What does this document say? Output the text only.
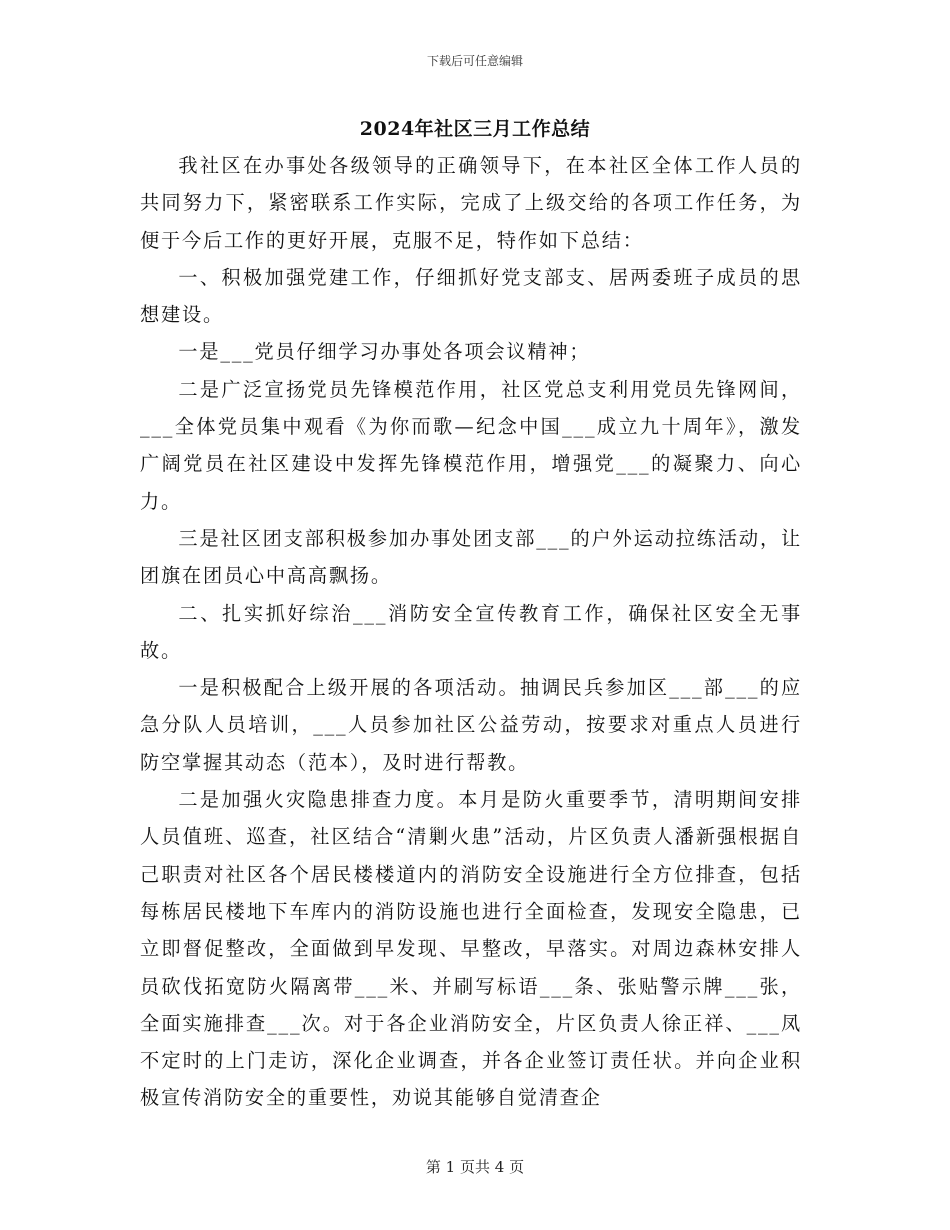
下载后可任意编辑
2024年社区三月工作总结

我社区在办事处各级领导的正确领导下，在本社区全体工作人员的共同努力下，紧密联系工作实际，完成了上级交给的各项工作任务，为便于今后工作的更好开展，克服不足，特作如下总结：

一、积极加强党建工作，仔细抓好党支部支、居两委班子成员的思想建设。

一是___党员仔细学习办事处各项会议精神；

二是广泛宣扬党员先锋模范作用，社区党总支利用党员先锋网间，___全体党员集中观看《为你而歌—纪念中国___成立九十周年》，激发广阔党员在社区建设中发挥先锋模范作用，增强党___的凝聚力、向心力。

三是社区团支部积极参加办事处团支部___的户外运动拉练活动，让团旗在团员心中高高飘扬。

二、扎实抓好综治___消防安全宣传教育工作，确保社区安全无事故。

一是积极配合上级开展的各项活动。抽调民兵参加区___部___的应急分队人员培训，___人员参加社区公益劳动，按要求对重点人员进行防空掌握其动态（范本），及时进行帮教。

二是加强火灾隐患排查力度。本月是防火重要季节，清明期间安排人员值班、巡查，社区结合“清剿火患”活动，片区负责人潘新强根据自己职责对社区各个居民楼楼道内的消防安全设施进行全方位排查，包括每栋居民楼地下车库内的消防设施也进行全面检查，发现安全隐患，已立即督促整改，全面做到早发现、早整改，早落实。对周边森林安排人员砍伐拓宽防火隔离带___米、并刷写标语___条、张贴警示牌___张，全面实施排查___次。对于各企业消防安全，片区负责人徐正祥、___凤不定时的上门走访，深化企业调查，并各企业签订责任状。并向企业积极宣传消防安全的重要性，劝说其能够自觉清查企

第 1 页共 4 页
